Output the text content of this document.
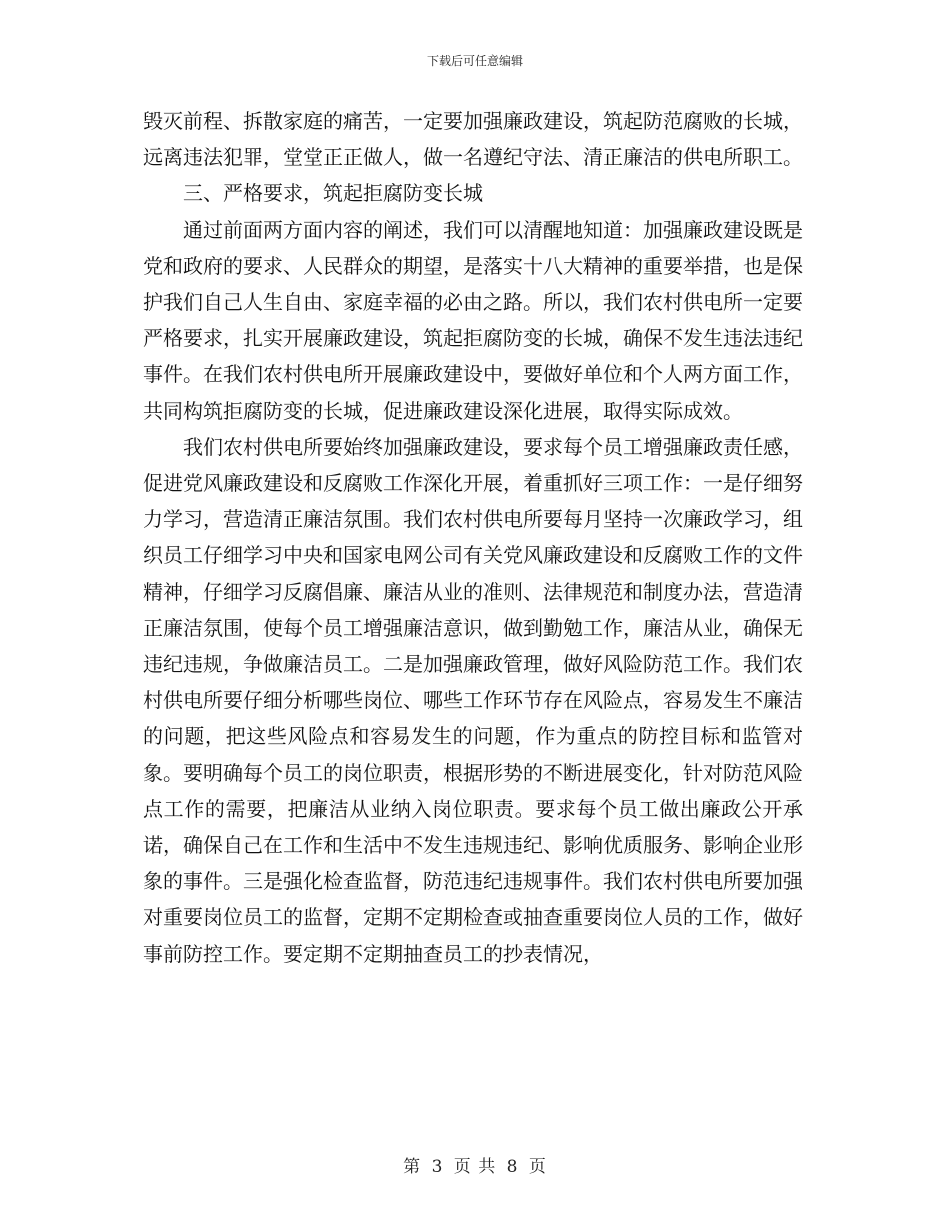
下载后可任意编辑

毁灭前程、拆散家庭的痛苦，一定要加强廉政建设，筑起防范腐败的长城，远离违法犯罪，堂堂正正做人，做一名遵纪守法、清正廉洁的供电所职工。

三、严格要求，筑起拒腐防变长城

通过前面两方面内容的阐述，我们可以清醒地知道：加强廉政建设既是党和政府的要求、人民群众的期望，是落实十八大精神的重要举措，也是保护我们自己人生自由、家庭幸福的必由之路。所以，我们农村供电所一定要严格要求，扎实开展廉政建设，筑起拒腐防变的长城，确保不发生违法违纪事件。在我们农村供电所开展廉政建设中，要做好单位和个人两方面工作，共同构筑拒腐防变的长城，促进廉政建设深化进展，取得实际成效。

我们农村供电所要始终加强廉政建设，要求每个员工增强廉政责任感，促进党风廉政建设和反腐败工作深化开展，着重抓好三项工作：一是仔细努力学习，营造清正廉洁氛围。我们农村供电所要每月坚持一次廉政学习，组织员工仔细学习中央和国家电网公司有关党风廉政建设和反腐败工作的文件精神，仔细学习反腐倡廉、廉洁从业的准则、法律规范和制度办法，营造清正廉洁氛围，使每个员工增强廉洁意识，做到勤勉工作，廉洁从业，确保无违纪违规，争做廉洁员工。二是加强廉政管理，做好风险防范工作。我们农村供电所要仔细分析哪些岗位、哪些工作环节存在风险点，容易发生不廉洁的问题，把这些风险点和容易发生的问题，作为重点的防控目标和监管对象。要明确每个员工的岗位职责，根据形势的不断进展变化，针对防范风险点工作的需要，把廉洁从业纳入岗位职责。要求每个员工做出廉政公开承诺，确保自己在工作和生活中不发生违规违纪、影响优质服务、影响企业形象的事件。三是强化检查监督，防范违纪违规事件。我们农村供电所要加强对重要岗位员工的监督，定期不定期检查或抽查重要岗位人员的工作，做好事前防控工作。要定期不定期抽查员工的抄表情况，

第 3 页 共 8 页
